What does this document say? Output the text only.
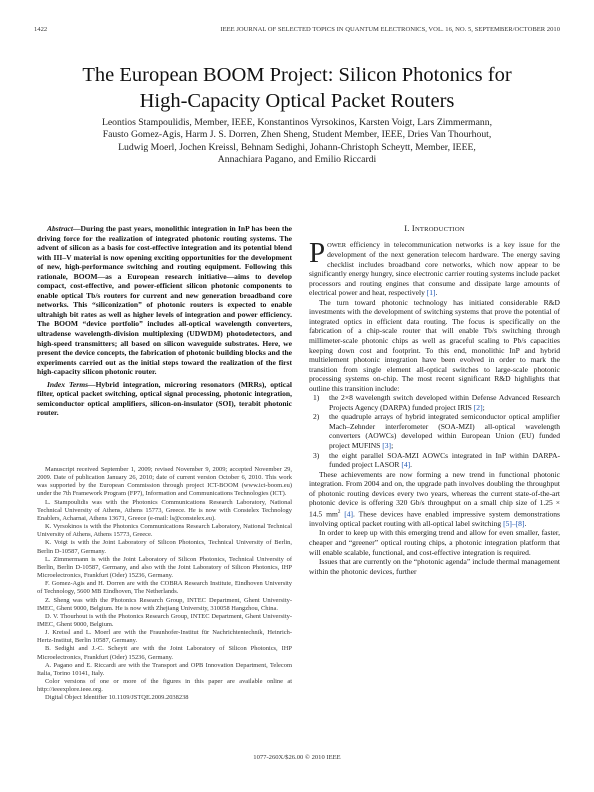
1422	IEEE JOURNAL OF SELECTED TOPICS IN QUANTUM ELECTRONICS, VOL. 16, NO. 5, SEPTEMBER/OCTOBER 2010
The European BOOM Project: Silicon Photonics for
High-Capacity Optical Packet Routers
Leontios Stampoulidis, Member, IEEE, Konstantinos Vyrsokinos, Karsten Voigt, Lars Zimmermann,
Fausto Gomez-Agis, Harm J. S. Dorren, Zhen Sheng, Student Member, IEEE, Dries Van Thourhout,
Ludwig Moerl, Jochen Kreissl, Behnam Sedighi, Johann-Christoph Scheytt, Member, IEEE,
Annachiara Pagano, and Emilio Riccardi

Abstract—During the past years, monolithic integration in InP has been the driving force for the realization of integrated photonic routing systems. The advent of silicon as a basis for cost-effective integration and its potential blend with III–V material is now opening exciting opportunities for the development of new, high-performance switching and routing equipment. Following this rationale, BOOM—as a European research initiative—aims to develop compact, cost-effective, and power-efficient silicon photonic components to enable optical Tb/s routers for current and new generation broadband core networks. This “siliconization” of photonic routers is expected to enable ultrahigh bit rates as well as higher levels of integration and power efficiency. The BOOM “device portfolio” includes all-optical wavelength converters, ultradense wavelength-division multiplexing (UDWDM) photodetectors, and high-speed transmitters; all based on silicon waveguide substrates. Here, we present the device concepts, the fabrication of photonic building blocks and the experiments carried out as the initial steps toward the realization of the first high-capacity silicon photonic router.

Index Terms—Hybrid integration, microring resonators (MRRs), optical filter, optical packet switching, optical signal processing, photonic integration, semiconductor optical amplifiers, silicon-on-insulator (SOI), terabit photonic router.

Manuscript received September 1, 2009; revised November 9, 2009; accepted November 29, 2009. Date of publication January 26, 2010; date of current version October 6, 2010. This work was supported by the European Commission through project ICT-BOOM (www.ict-boom.eu) under the 7th Framework Program (FP7), Information and Communications Technologies (ICT).

L. Stampoulidis was with the Photonics Communications Research Laboratory, National Technical University of Athens, Athens 15773, Greece. He is now with Constelex Technology Enablers, Acharnai, Athens 13671, Greece (e-mail: ls@constelex.eu).

K. Vyrsokinos is with the Photonics Communications Research Laboratory, National Technical University of Athens, Athens 15773, Greece.

K. Voigt is with the Joint Laboratory of Silicon Photonics, Technical University of Berlin, Berlin D-10587, Germany.

L. Zimmermann is with the Joint Laboratory of Silicon Photonics, Technical University of Berlin, Berlin D-10587, Germany, and also with the Joint Laboratory of Silicon Photonics, IHP Microelectronics, Frankfurt (Oder) 15236, Germany.

F. Gomez-Agis and H. Dorren are with the COBRA Research Institute, Eindhoven University of Technology, 5600 MB Eindhoven, The Netherlands.

Z. Sheng was with the Photonics Research Group, INTEC Department, Ghent University-IMEC, Ghent 9000, Belgium. He is now with Zhejiang University, 310058 Hangzhou, China.

D. V. Thourhout is with the Photonics Research Group, INTEC Department, Ghent University-IMEC, Ghent 9000, Belgium.

J. Kreissl and L. Moerl are with the Fraunhofer-Institut für Nachrichtentechnik, Heinrich-Hertz-Institut, Berlin 10587, Germany.

B. Sedighi and J.-C. Scheytt are with the Joint Laboratory of Silicon Photonics, IHP Microelectronics, Frankfurt (Oder) 15236, Germany.

A. Pagano and E. Riccardi are with the Transport and OPB Innovation Department, Telecom Italia, Torino 10141, Italy.

Color versions of one or more of the figures in this paper are available online at http://ieeexplore.ieee.org.

Digital Object Identifier 10.1109/JSTQE.2009.2038238

I. INTRODUCTION

POWER efficiency in telecommunication networks is a key issue for the development of the next generation telecom hardware. The energy saving checklist includes broadband core networks, which now appear to be significantly energy hungry, since electronic carrier routing systems include packet processors and routing engines that consume and dissipate large amounts of electrical power and heat, respectively [1].

The turn toward photonic technology has initiated considerable R&D investments with the development of switching systems that prove the potential of integrated optics in efficient data routing. The focus is specifically on the fabrication of a chip-scale router that will enable Tb/s switching through millimeter-scale photonic chips as well as graceful scaling to Pb/s capacities keeping down cost and footprint. To this end, monolithic InP and hybrid multielement photonic integration have been evolved in order to mark the transition from single element all-optical switches to large-scale photonic processing systems on-chip. The most recent significant R&D highlights that outline this transition include:

1) the 2×8 wavelength switch developed within Defense Advanced Research Projects Agency (DARPA) funded project IRIS [2];
2) the quadruple arrays of hybrid integrated semiconductor optical amplifier Mach–Zehnder interferometer (SOA-MZI) all-optical wavelength converters (AOWCs) developed within European Union (EU) funded project MUFINS [3];
3) the eight parallel SOA-MZI AOWCs integrated in InP within DARPA-funded project LASOR [4].

These achievements are now forming a new trend in functional photonic integration. From 2004 and on, the upgrade path involves doubling the throughput of photonic routing devices every two years, whereas the current state-of-the-art photonic device is offering 320 Gb/s throughput on a small chip size of 1.25 × 14.5 $mm^2$ [4]. These devices have enabled impressive system demonstrations involving optical packet routing with all-optical label switching [5]–[8].

In order to keep up with this emerging trend and allow for even smaller, faster, cheaper and “greener” optical routing chips, a photonic integration platform that will enable scalable, functional, and cost-effective integration is required.

Issues that are currently on the “photonic agenda” include thermal management within the photonic devices, further

1077-260X/$26.00 © 2010 IEEE
